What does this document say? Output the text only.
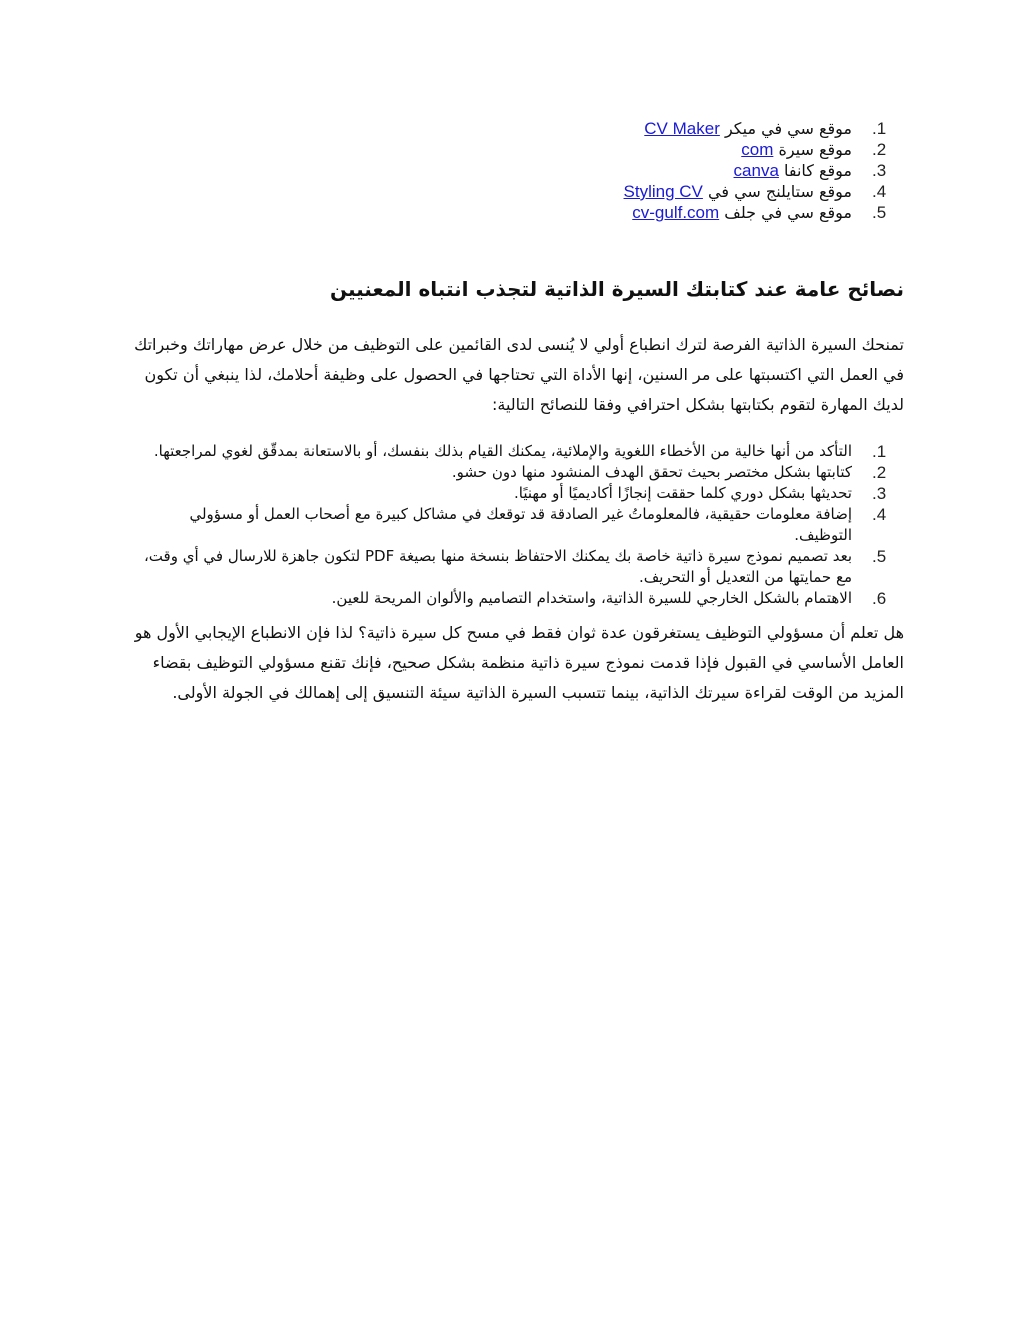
.1
موقع سي في ميكر CV Maker
.2
موقع سيرة com
.3
موقع كانفا canva
.4
موقع ستايلنج سي في Styling CV
.5
موقع سي في جلف cv-gulf.com
نصائح عامة عند كتابتك السيرة الذاتية لتجذب انتباه المعنيين

تمنحك السيرة الذاتية الفرصة لترك انطباع أولي لا يُنسى لدى القائمين على التوظيف من خلال عرض مهاراتك وخبراتك في العمل التي اكتسبتها على مر السنين، إنها الأداة التي تحتاجها في الحصول على وظيفة أحلامك، لذا ينبغي أن تكون لديك المهارة لتقوم بكتابتها بشكل احترافي وفقا للنصائح التالية:

.1
التأكد من أنها خالية من الأخطاء اللغوية والإملائية، يمكنك القيام بذلك بنفسك، أو بالاستعانة بمدقّق لغوي لمراجعتها.
.2
كتابتها بشكل مختصر بحيث تحقق الهدف المنشود منها دون حشو.
.3
تحديثها بشكل دوري كلما حققت إنجازًا أكاديميًا أو مهنيًا.
.4
إضافة معلومات حقيقية، فالمعلوماتُ غير الصادقة قد توقعك في مشاكل كبيرة مع أصحاب العمل أو مسؤولي التوظيف.
.5
بعد تصميم نموذج سيرة ذاتية خاصة بك يمكنك الاحتفاظ بنسخة منها بصيغة PDF لتكون جاهزة للارسال في أي وقت، مع حمايتها من التعديل أو التحريف.
.6
الاهتمام بالشكل الخارجي للسيرة الذاتية، واستخدام التصاميم والألوان المريحة للعين.

هل تعلم أن مسؤولي التوظيف يستغرقون عدة ثوان فقط في مسح كل سيرة ذاتية؟ لذا فإن الانطباع الإيجابي الأول هو العامل الأساسي في القبول فإذا قدمت نموذج سيرة ذاتية منظمة بشكل صحيح، فإنك تقنع مسؤولي التوظيف بقضاء المزيد من الوقت لقراءة سيرتك الذاتية، بينما تتسبب السيرة الذاتية سيئة التنسيق إلى إهمالك في الجولة الأولى.
